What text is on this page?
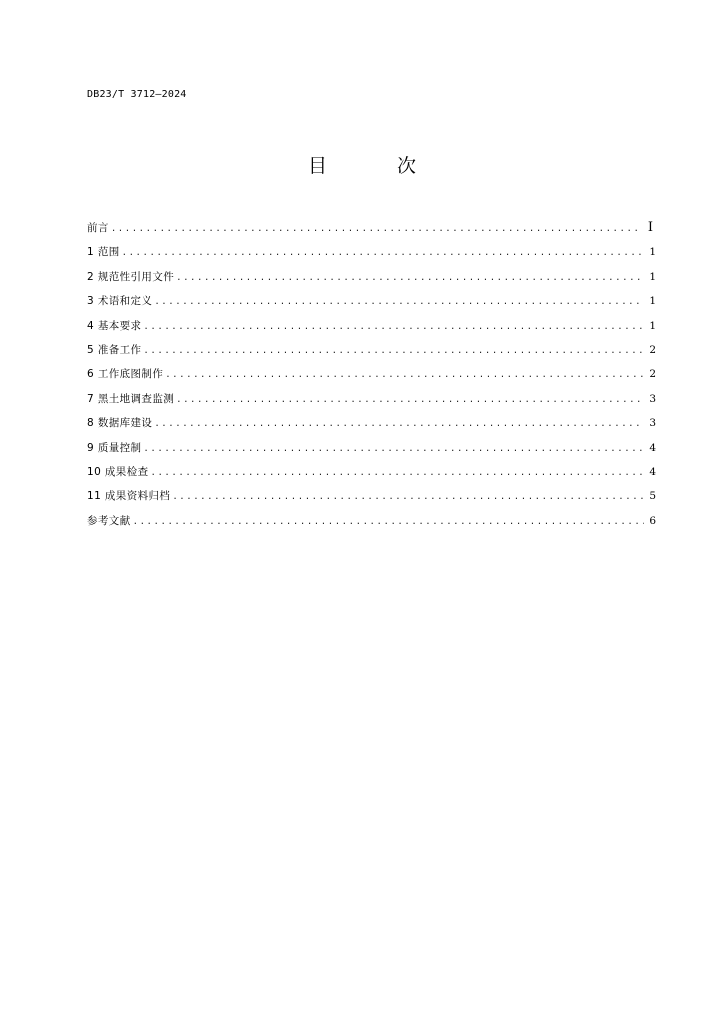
DB23/T 3712—2024
目 次
前言 .....	I
1 范围 .....	1
2 规范性引用文件 .....	1
3 术语和定义 .....	1
4 基本要求 .....	1
5 准备工作 .....	2
6 工作底图制作 .....	2
7 黑土地调查监测 .....	3
8 数据库建设 .....	3
9 质量控制 .....	4
10 成果检查 .....	4
11 成果资料归档 .....	5
参考文献 .....	6
